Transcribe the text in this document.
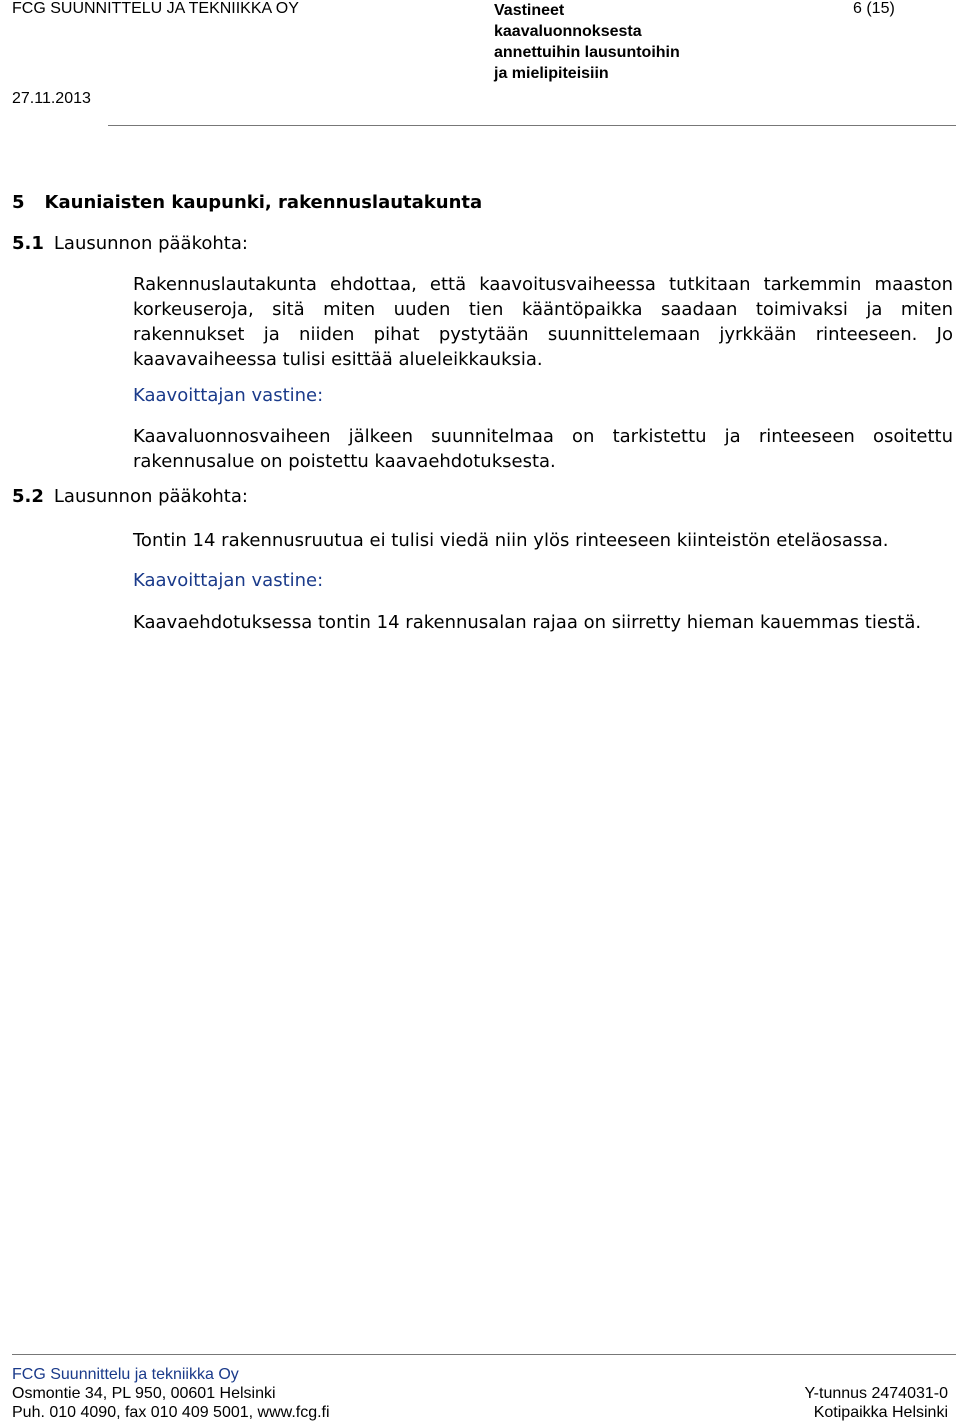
FCG SUUNNITTELU JA TEKNIIKKA OY	Vastineet
kaavaluonnoksesta
annettuihin lausuntoihin
ja mielipiteisiin
6 (15)
27.11.2013
5 Kauniaisten kaupunki, rakennuslautakunta
5.1 Lausunnon pääkohta:
Rakennuslautakunta ehdottaa, että kaavoitusvaiheessa tutkitaan tarkemmin maaston korkeuseroja, sitä miten uuden tien kääntöpaikka saadaan toimivaksi ja miten rakennukset ja niiden pihat pystytään suunnittelemaan jyrkkään rinteeseen. Jo kaavavaiheessa tulisi esittää alueleikkauksia.
Kaavoittajan vastine:
Kaavaluonnosvaiheen jälkeen suunnitelmaa on tarkistettu ja rinteeseen osoitettu rakennusalue on poistettu kaavaehdotuksesta.
5.2 Lausunnon pääkohta:
Tontin 14 rakennusruutua ei tulisi viedä niin ylös rinteeseen kiinteistön eteläosassa.
Kaavoittajan vastine:
Kaavaehdotuksessa tontin 14 rakennusalan rajaa on siirretty hieman kauemmas tiestä.
FCG Suunnittelu ja tekniikka Oy
Osmontie 34, PL 950, 00601 Helsinki
Puh. 010 4090, fax 010 409 5001, www.fcg.fi
Y-tunnus 2474031-0
Kotipaikka Helsinki
